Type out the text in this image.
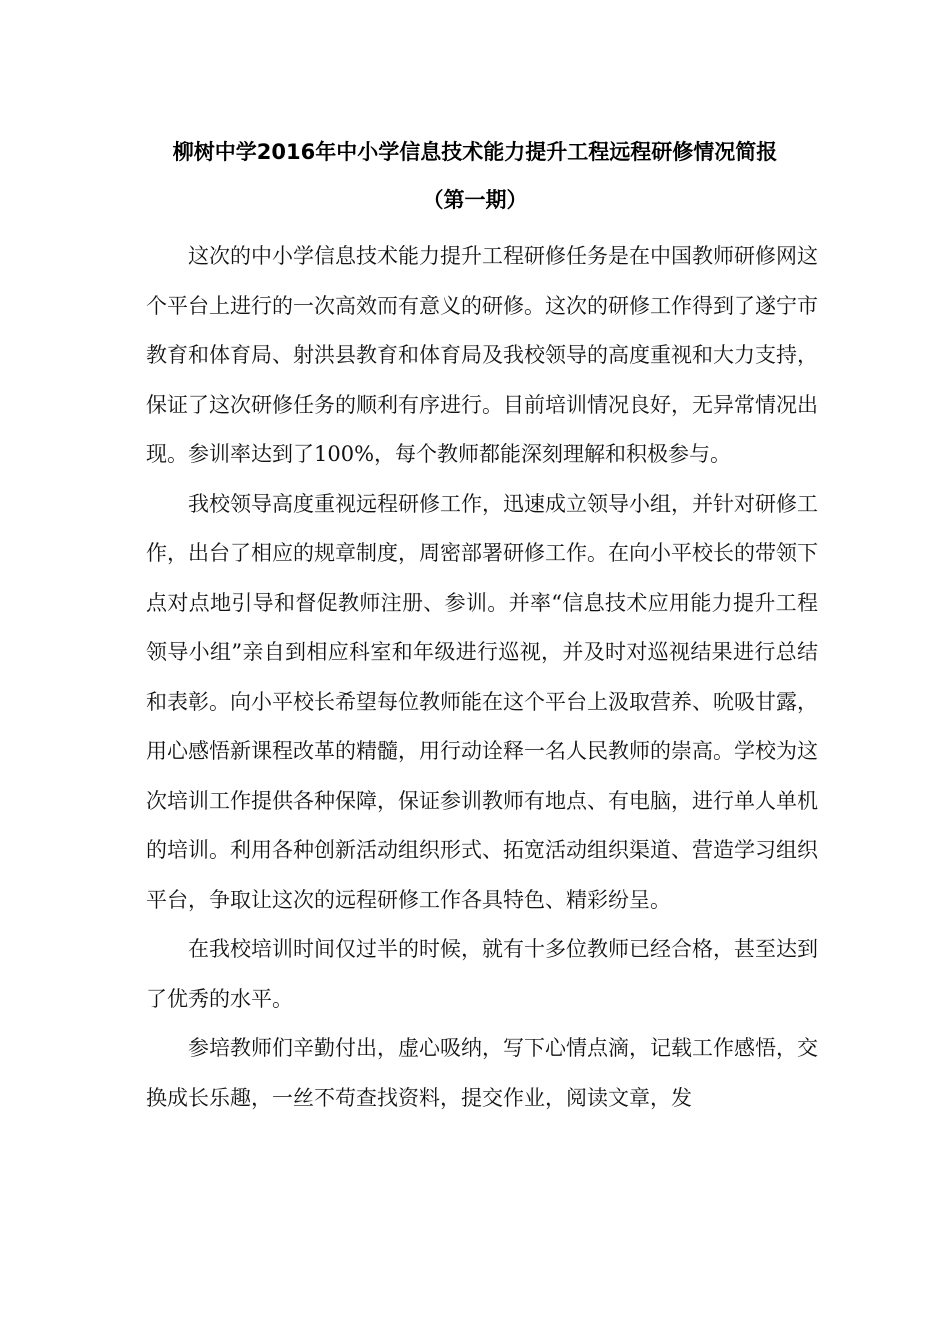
柳树中学2016年中小学信息技术能力提升工程远程研修情况简报
（第一期）

这次的中小学信息技术能力提升工程研修任务是在中国教师研修网这个平台上进行的一次高效而有意义的研修。这次的研修工作得到了遂宁市教育和体育局、射洪县教育和体育局及我校领导的高度重视和大力支持，保证了这次研修任务的顺利有序进行。目前培训情况良好，无异常情况出现。参训率达到了100%，每个教师都能深刻理解和积极参与。

我校领导高度重视远程研修工作，迅速成立领导小组，并针对研修工作，出台了相应的规章制度，周密部署研修工作。在向小平校长的带领下点对点地引导和督促教师注册、参训。并率“信息技术应用能力提升工程领导小组”亲自到相应科室和年级进行巡视，并及时对巡视结果进行总结和表彰。向小平校长希望每位教师能在这个平台上汲取营养、吮吸甘露，用心感悟新课程改革的精髓，用行动诠释一名人民教师的崇高。学校为这次培训工作提供各种保障，保证参训教师有地点、有电脑，进行单人单机的培训。利用各种创新活动组织形式、拓宽活动组织渠道、营造学习组织平台，争取让这次的远程研修工作各具特色、精彩纷呈。

在我校培训时间仅过半的时候，就有十多位教师已经合格，甚至达到了优秀的水平。

参培教师们辛勤付出，虚心吸纳，写下心情点滴，记载工作感悟，交换成长乐趣，一丝不苟查找资料，提交作业，阅读文章，发
